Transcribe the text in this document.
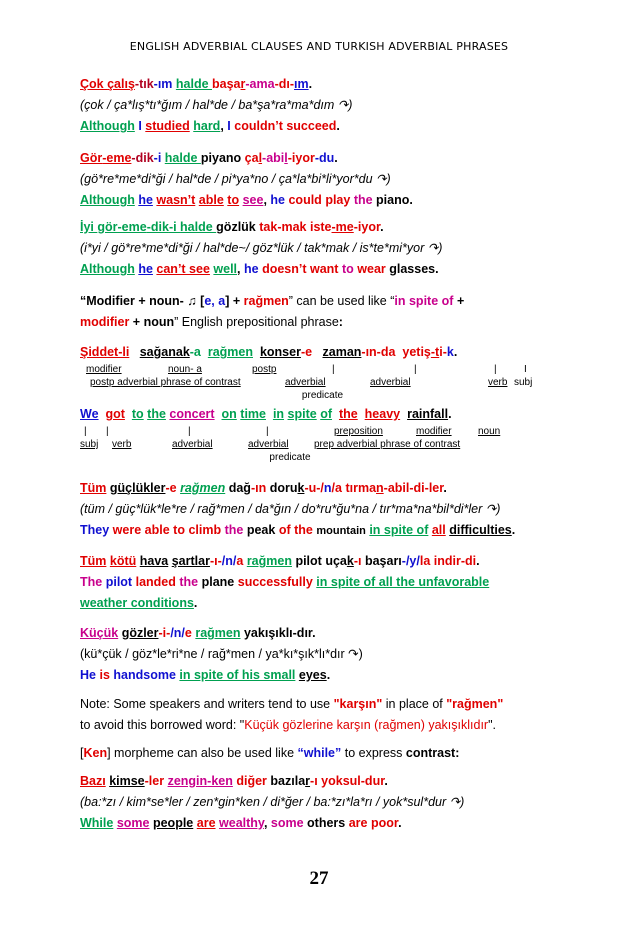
ENGLISH ADVERBIAL CLAUSES AND TURKISH ADVERBIAL PHRASES
Çok çalış-tık-ım halde başar-ama-dı-ım.
(çok / ça*lış*tı*ğım / hal*de / ba*şa*ra*ma*dım ↷)
Although I studied hard, I couldn’t succeed.
Gör-eme-dik-i halde piyano çal-abil-iyor-du.
(gö*re*me*di*ği / hal*de / pi*ya*no / ça*la*bi*li*yor*du ↷)
Although he wasn’t able to see, he could play the piano.
İyi gör-eme-dik-i halde gözlük tak-mak iste-me-iyor.
(i*yi / gö*re*me*di*ği / hal*de~/ göz*lük / tak*mak / is*te*mi*yor ↷)
Although he can’t see well, he doesn’t want to wear glasses.
“Modifier + noun- ♫ [e, a] + rağmen” can be used like “in spite of +
modifier + noun” English prepositional phrase:
Şiddet-li sağanak-a rağmen konser-e zaman-ın-da yetiş-ti-k.
modifier	noun- a	postp	|	|	|	I
postp adverbial phrase of contrast	adverbial	adverbial	verb subj
predicate
We got to the concert on time in spite of the heavy rainfall.
| |	|	|	preposition	modifier	noun
subj verb	adverbial	adverbial	prep adverbial phrase of contrast
predicate
Tüm güçlükler-e rağmen dağ-ın doruk-u-/n/a tırman-abil-di-ler.
(tüm / güç*lük*le*re / rağ*men / da*ğın / do*ru*ğu*na / tır*ma*na*bil*di*ler ↷)
They were able to climb the peak of the mountain in spite of all difficulties.
Tüm kötü hava şartlar-ı-/n/a rağmen pilot uçak-ı başarı-/y/la indir-di.
The pilot landed the plane successfully in spite of all the unfavorable
weather conditions.
Küçük gözler-i-/n/e rağmen yakışıklı-dır.
(kü*çük / göz*le*ri*ne / rağ*men / ya*kı*şık*lı*dır ↷)
He is handsome in spite of his small eyes.
Note: Some speakers and writers tend to use "karşın" in place of "rağmen"
to avoid this borrowed word: "Küçük gözlerine karşın (rağmen) yakışıklıdır".
[Ken] morpheme can also be used like “while” to express contrast:
Bazı kimse-ler zengin-ken diğer bazılar-ı yoksul-dur.
(ba:*zı / kim*se*ler / zen*gin*ken / di*ğer / ba:*zı*la*rı / yok*sul*dur ↷)
While some people are wealthy, some others are poor.
27
